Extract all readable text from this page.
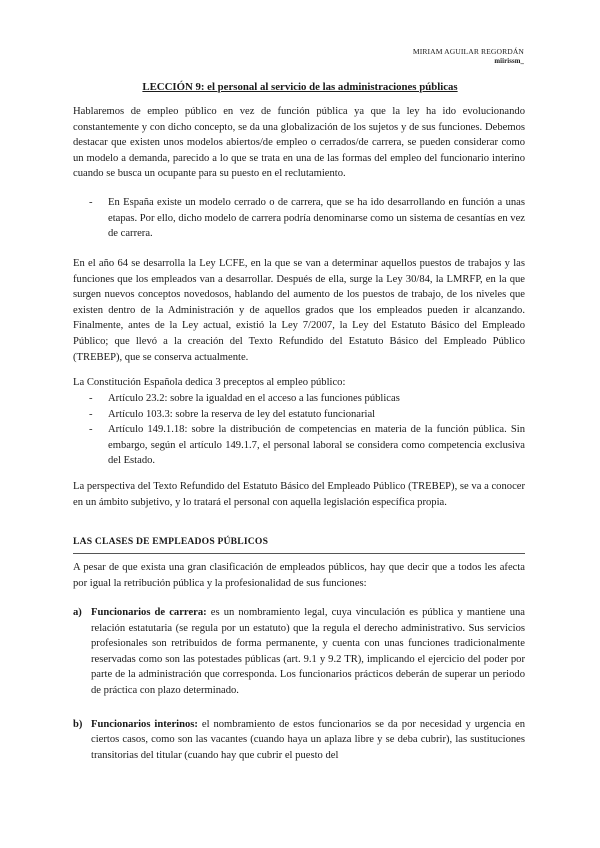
MIRIAM AGUILAR REGORDÁN
miirissm_
LECCIÓN 9: el personal al servicio de las administraciones públicas

Hablaremos de empleo público en vez de función pública ya que la ley ha ido evolucionando constantemente y con dicho concepto, se da una globalización de los sujetos y de sus funciones. Debemos destacar que existen unos modelos abiertos/de empleo o cerrados/de carrera, se pueden considerar como un modelo a demanda, parecido a lo que se trata en una de las formas del empleo del funcionario interino cuando se busca un ocupante para su puesto en el reclutamiento.

- En España existe un modelo cerrado o de carrera, que se ha ido desarrollando en función a unas etapas. Por ello, dicho modelo de carrera podría denominarse como un sistema de cesantías en vez de carrera.

En el año 64 se desarrolla la Ley LCFE, en la que se van a determinar aquellos puestos de trabajos y las funciones que los empleados van a desarrollar. Después de ella, surge la Ley 30/84, la LMRFP, en la que surgen nuevos conceptos novedosos, hablando del aumento de los puestos de trabajo, de los niveles que existen dentro de la Administración y de aquellos grados que los empleados pueden ir alcanzando. Finalmente, antes de la Ley actual, existió la Ley 7/2007, la Ley del Estatuto Básico del Empleado Público; que llevó a la creación del Texto Refundido del Estatuto Básico del Empleado Público (TREBEP), que se conserva actualmente.

La Constitución Española dedica 3 preceptos al empleo público:

- Artículo 23.2: sobre la igualdad en el acceso a las funciones públicas
- Artículo 103.3: sobre la reserva de ley del estatuto funcionarial
- Artículo 149.1.18: sobre la distribución de competencias en materia de la función pública. Sin embargo, según el artículo 149.1.7, el personal laboral se considera como competencia exclusiva del Estado.

La perspectiva del Texto Refundido del Estatuto Básico del Empleado Público (TREBEP), se va a conocer en un ámbito subjetivo, y lo tratará el personal con aquella legislación específica propia.

LAS CLASES DE EMPLEADOS PÚBLICOS

A pesar de que exista una gran clasificación de empleados públicos, hay que decir que a todos les afecta por igual la retribución pública y la profesionalidad de sus funciones:

a) Funcionarios de carrera: es un nombramiento legal, cuya vinculación es pública y mantiene una relación estatutaria (se regula por un estatuto) que la regula el derecho administrativo. Sus servicios profesionales son retribuidos de forma permanente, y cuenta con unas funciones tradicionalmente reservadas como son las potestades públicas (art. 9.1 y 9.2 TR), implicando el ejercicio del poder por parte de la administración que corresponda. Los funcionarios prácticos deberán de superar un periodo de práctica con plazo determinado.
b) Funcionarios interinos: el nombramiento de estos funcionarios se da por necesidad y urgencia en ciertos casos, como son las vacantes (cuando haya un aplaza libre y se deba cubrir), las sustituciones transitorias del titular (cuando hay que cubrir el puesto del
